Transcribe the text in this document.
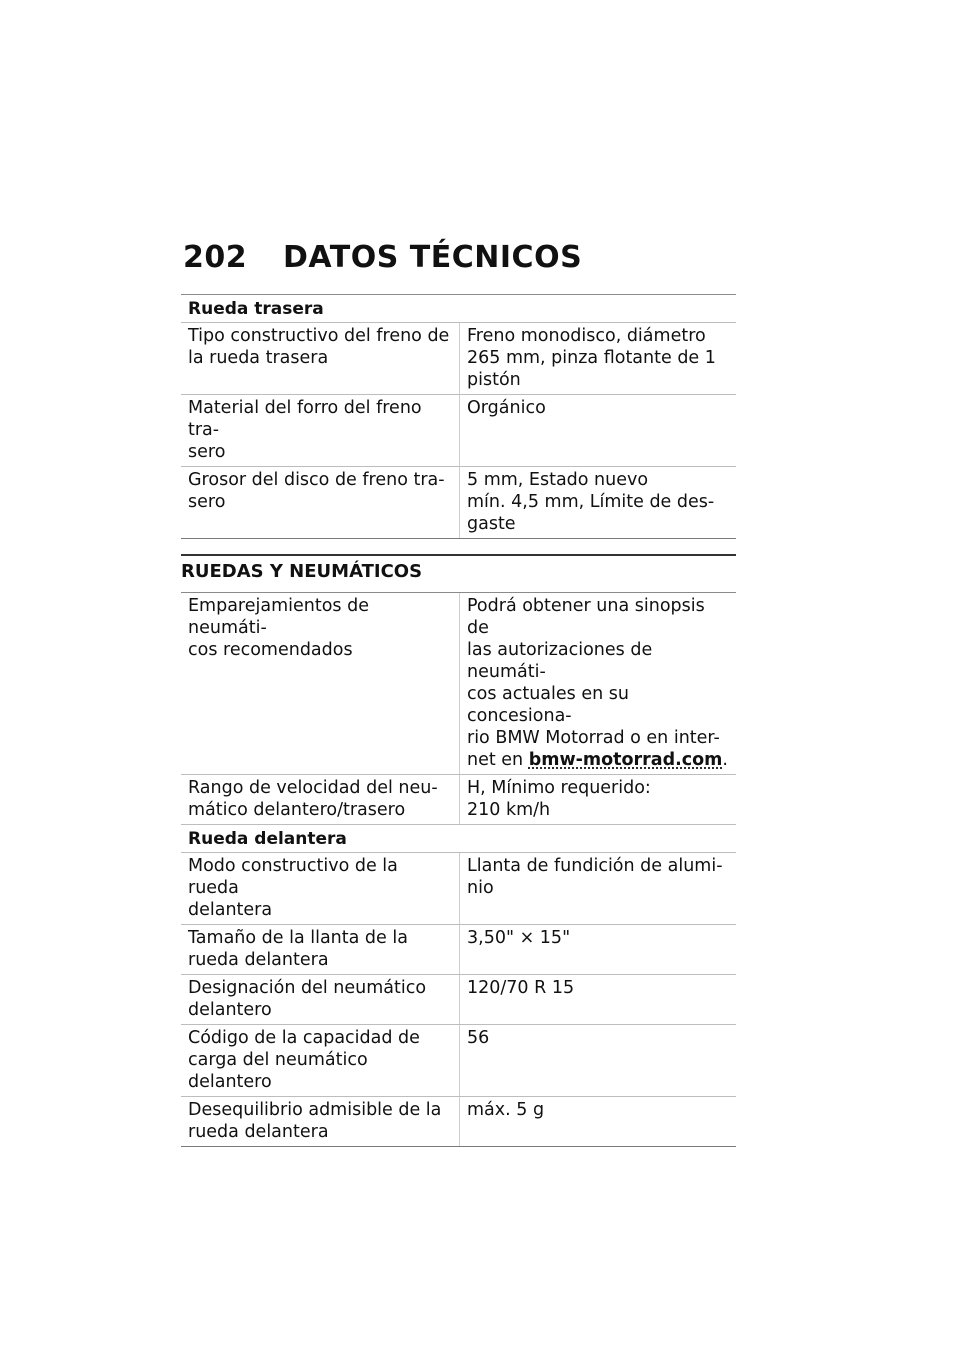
202	DATOS TÉCNICOS
Rueda trasera
Tipo constructivo del freno de
la rueda trasera
Freno monodisco, diámetro
265 mm, pinza flotante de 1
pistón
Material del forro del freno tra-
sero
Orgánico
Grosor del disco de freno tra-
sero
5 mm, Estado nuevo
mín. 4,5 mm, Límite de des-
gaste
RUEDAS Y NEUMÁTICOS
Emparejamientos de neumáti-
cos recomendados
Podrá obtener una sinopsis de
las autorizaciones de neumáti-
cos actuales en su concesiona-
rio BMW Motorrad o en inter-
net en bmw-motorrad.com.
Rango de velocidad del neu-
mático delantero/trasero
H, Mínimo requerido:
210 km/h
Rueda delantera
Modo constructivo de la rueda
delantera
Llanta de fundición de alumi-
nio
Tamaño de la llanta de la
rueda delantera
3,50" × 15"
Designación del neumático
delantero
120/70 R 15
Código de la capacidad de
carga del neumático delantero
56
Desequilibrio admisible de la
rueda delantera
máx. 5 g
